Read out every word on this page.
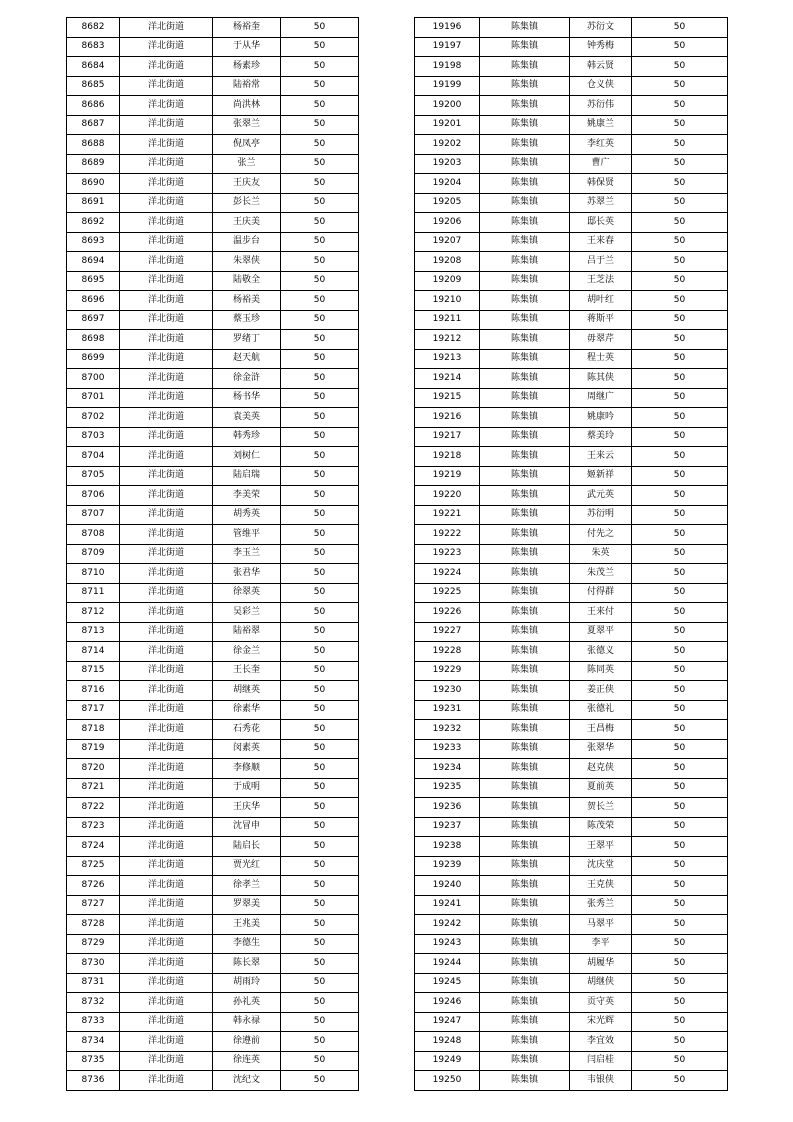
8682	洋北街道	杨裕奎	50
8683	洋北街道	于从华	50
8684	洋北街道	杨素珍	50
8685	洋北街道	陆裕常	50
8686	洋北街道	尚洪林	50
8687	洋北街道	张翠兰	50
8688	洋北街道	倪凤亭	50
8689	洋北街道	张兰	50
8690	洋北街道	王庆友	50
8691	洋北街道	彭长兰	50
8692	洋北街道	王庆美	50
8693	洋北街道	温步台	50
8694	洋北街道	朱翠侠	50
8695	洋北街道	陆敬全	50
8696	洋北街道	杨裕美	50
8697	洋北街道	蔡玉珍	50
8698	洋北街道	罗绪丁	50
8699	洋北街道	赵天航	50
8700	洋北街道	徐金浒	50
8701	洋北街道	杨书华	50
8702	洋北街道	袁美英	50
8703	洋北街道	韩秀珍	50
8704	洋北街道	刘树仁	50
8705	洋北街道	陆启瑞	50
8706	洋北街道	李美荣	50
8707	洋北街道	胡秀英	50
8708	洋北街道	管维平	50
8709	洋北街道	李玉兰	50
8710	洋北街道	张君华	50
8711	洋北街道	徐翠英	50
8712	洋北街道	吴彩兰	50
8713	洋北街道	陆裕翠	50
8714	洋北街道	徐金兰	50
8715	洋北街道	王长奎	50
8716	洋北街道	胡继英	50
8717	洋北街道	徐素华	50
8718	洋北街道	石秀花	50
8719	洋北街道	闵素英	50
8720	洋北街道	李修顺	50
8721	洋北街道	于成明	50
8722	洋北街道	王庆华	50
8723	洋北街道	沈冒申	50
8724	洋北街道	陆启长	50
8725	洋北街道	贾光红	50
8726	洋北街道	徐孝兰	50
8727	洋北街道	罗翠美	50
8728	洋北街道	王兆美	50
8729	洋北街道	李德生	50
8730	洋北街道	陈长翠	50
8731	洋北街道	胡雨玲	50
8732	洋北街道	孙礼英	50
8733	洋北街道	韩永禄	50
8734	洋北街道	徐遵前	50
8735	洋北街道	徐连英	50
8736	洋北街道	沈纪文	50
19196	陈集镇	苏衍文	50
19197	陈集镇	钟秀梅	50
19198	陈集镇	韩云贤	50
19199	陈集镇	仓义侠	50
19200	陈集镇	苏衍伟	50
19201	陈集镇	姚康兰	50
19202	陈集镇	李红英	50
19203	陈集镇	曹广	50
19204	陈集镇	韩保贤	50
19205	陈集镇	苏翠兰	50
19206	陈集镇	邸长英	50
19207	陈集镇	王来春	50
19208	陈集镇	吕于兰	50
19209	陈集镇	王芝法	50
19210	陈集镇	胡叶红	50
19211	陈集镇	蒋斯平	50
19212	陈集镇	毋翠芹	50
19213	陈集镇	程士英	50
19214	陈集镇	陈其侠	50
19215	陈集镇	周继广	50
19216	陈集镇	姚康吟	50
19217	陈集镇	蔡美玲	50
19218	陈集镇	王来云	50
19219	陈集镇	姬新祥	50
19220	陈集镇	武元英	50
19221	陈集镇	苏衍明	50
19222	陈集镇	付先之	50
19223	陈集镇	朱英	50
19224	陈集镇	朱茂兰	50
19225	陈集镇	付得群	50
19226	陈集镇	王来付	50
19227	陈集镇	夏翠平	50
19228	陈集镇	张德义	50
19229	陈集镇	陈同英	50
19230	陈集镇	姜正侠	50
19231	陈集镇	张德礼	50
19232	陈集镇	王昌梅	50
19233	陈集镇	张翠华	50
19234	陈集镇	赵克侠	50
19235	陈集镇	夏前英	50
19236	陈集镇	贺长兰	50
19237	陈集镇	陈茂荣	50
19238	陈集镇	王翠平	50
19239	陈集镇	沈庆堂	50
19240	陈集镇	王克侠	50
19241	陈集镇	张秀兰	50
19242	陈集镇	马翠平	50
19243	陈集镇	李平	50
19244	陈集镇	胡履华	50
19245	陈集镇	胡继侠	50
19246	陈集镇	贡守英	50
19247	陈集镇	宋光辉	50
19248	陈集镇	李宜效	50
19249	陈集镇	闫启桂	50
19250	陈集镇	韦银侠	50
